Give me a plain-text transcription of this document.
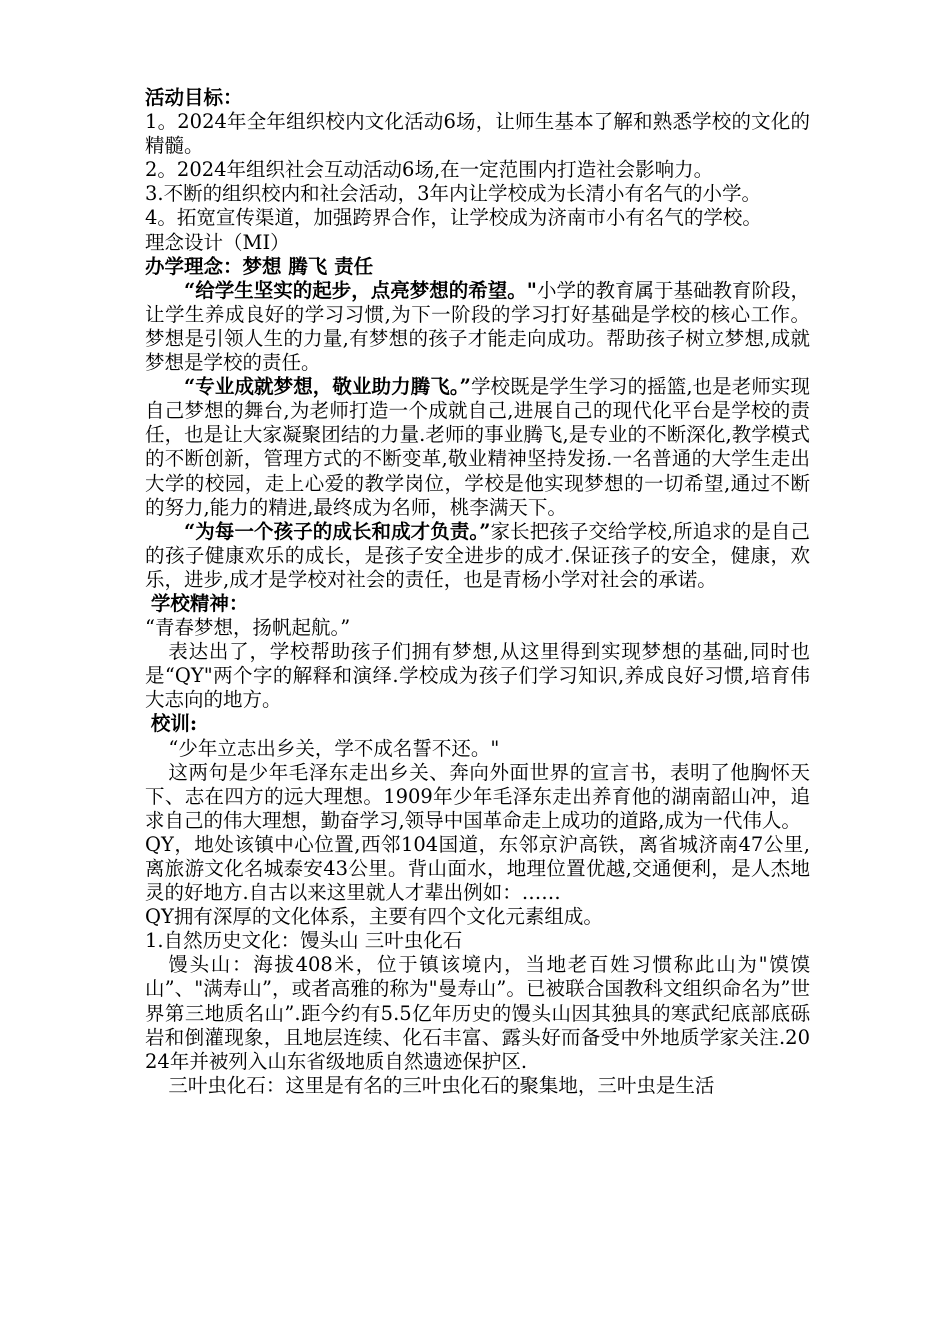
活动目标：

1。2024年全年组织校内文化活动6场，让师生基本了解和熟悉学校的文化的精髓。

2。2024年组织社会互动活动6场,在一定范围内打造社会影响力。

3.不断的组织校内和社会活动，3年内让学校成为长清小有名气的小学。

4。拓宽宣传渠道，加强跨界合作，让学校成为济南市小有名气的学校。

理念设计（MI）

办学理念：梦想 腾飞 责任

“给学生坚实的起步，点亮梦想的希望。"小学的教育属于基础教育阶段，让学生养成良好的学习习惯,为下一阶段的学习打好基础是学校的核心工作。梦想是引领人生的力量,有梦想的孩子才能走向成功。帮助孩子树立梦想,成就梦想是学校的责任。

“专业成就梦想，敬业助力腾飞。”学校既是学生学习的摇篮,也是老师实现自己梦想的舞台,为老师打造一个成就自己,进展自己的现代化平台是学校的责任，也是让大家凝聚团结的力量.老师的事业腾飞,是专业的不断深化,教学模式的不断创新，管理方式的不断变革,敬业精神坚持发扬.一名普通的大学生走出大学的校园，走上心爱的教学岗位，学校是他实现梦想的一切希望,通过不断的努力,能力的精进,最终成为名师，桃李满天下。

“为每一个孩子的成长和成才负责。”家长把孩子交给学校,所追求的是自己的孩子健康欢乐的成长，是孩子安全进步的成才.保证孩子的安全，健康，欢乐，进步,成才是学校对社会的责任，也是青杨小学对社会的承诺。

学校精神：

“青春梦想，扬帆起航。”

表达出了，学校帮助孩子们拥有梦想,从这里得到实现梦想的基础,同时也是“QY"两个字的解释和演绎.学校成为孩子们学习知识,养成良好习惯,培育伟大志向的地方。

校训:

“少年立志出乡关，学不成名誓不还。"

这两句是少年毛泽东走出乡关、奔向外面世界的宣言书，表明了他胸怀天下、志在四方的远大理想。1909年少年毛泽东走出养育他的湖南韶山冲，追求自己的伟大理想，勤奋学习,领导中国革命走上成功的道路,成为一代伟人。

QY，地处该镇中心位置,西邻104国道，东邻京沪高铁，离省城济南47公里,离旅游文化名城泰安43公里。背山面水，地理位置优越,交通便利，是人杰地灵的好地方.自古以来这里就人才辈出例如：……

QY拥有深厚的文化体系，主要有四个文化元素组成。

1.自然历史文化：馒头山 三叶虫化石

馒头山：海拔408米，位于镇该境内，当地老百姓习惯称此山为"馍馍山”、"满寿山”，或者高雅的称为"曼寿山”。已被联合国教科文组织命名为”世界第三地质名山”.距今约有5.5亿年历史的馒头山因其独具的寒武纪底部底砾岩和倒灌现象，且地层连续、化石丰富、露头好而备受中外地质学家关注.2024年并被列入山东省级地质自然遗迹保护区.

三叶虫化石：这里是有名的三叶虫化石的聚集地，三叶虫是生活
